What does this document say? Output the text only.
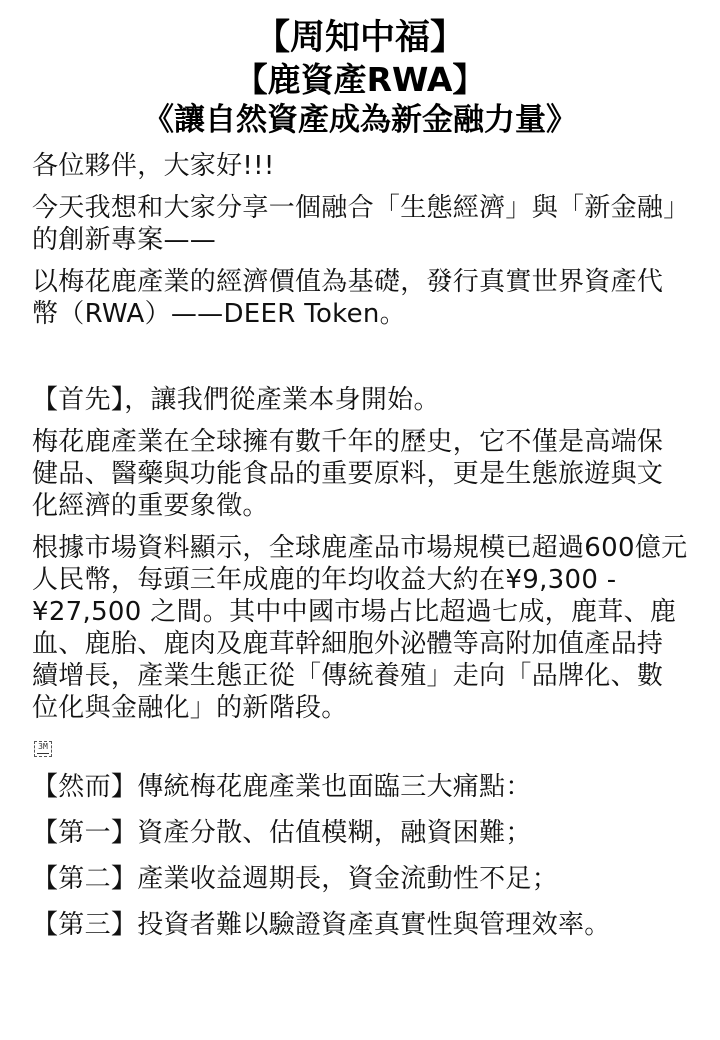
【周知中福】
【鹿資產RWA】
《讓自然資產成為新金融力量》

各位夥伴，大家好!!!

今天我想和大家分享一個融合「生態經濟」與「新金融」的創新專案——

以梅花鹿產業的經濟價值為基礎，發行真實世界資產代幣（RWA）——DEER Token。

【首先】，讓我們從產業本身開始。

梅花鹿產業在全球擁有數千年的歷史，它不僅是高端保健品、醫藥與功能食品的重要原料，更是生態旅遊與文化經濟的重要象徵。

根據市場資料顯示，全球鹿產品市場規模已超過600億元人民幣，每頭三年成鹿的年均收益大約在¥9,300 - ¥27,500 之間。其中中國市場占比超過七成，鹿茸、鹿血、鹿胎、鹿肉及鹿茸幹細胞外泌體等高附加值產品持續增長，產業生態正從「傳統養殖」走向「品牌化、數位化與金融化」的新階段。

3M

【然而】傳統梅花鹿產業也面臨三大痛點：

【第一】資產分散、估值模糊，融資困難；

【第二】產業收益週期長，資金流動性不足；

【第三】投資者難以驗證資產真實性與管理效率。
